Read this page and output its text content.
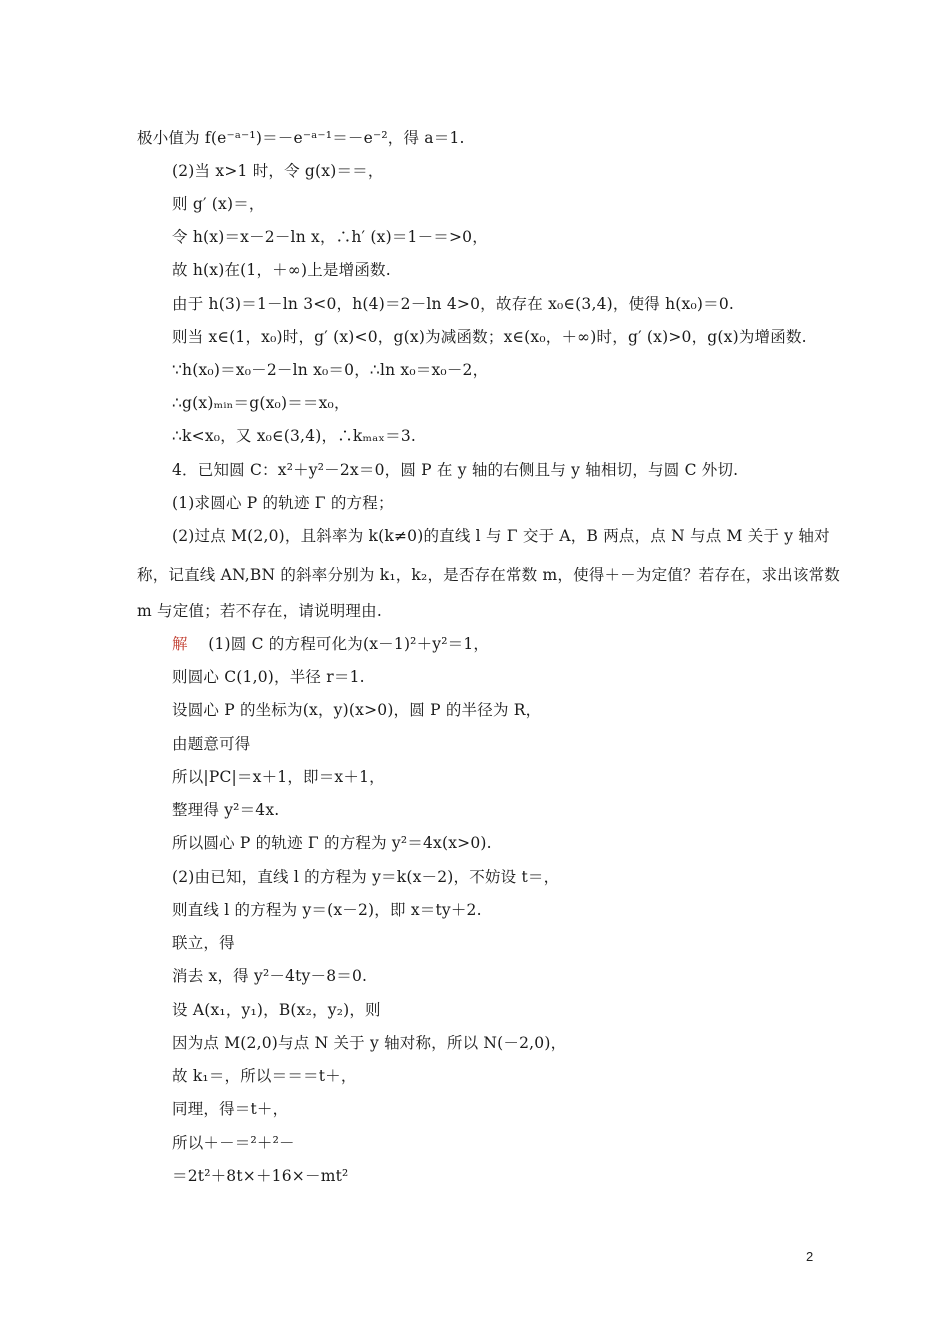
极小值为 f(e⁻ᵃ⁻¹)＝－e⁻ᵃ⁻¹＝－e⁻²，得 a＝1.
(2)当 x>1 时，令 g(x)＝＝，
则 g′ (x)＝，
令 h(x)＝x－2－ln x，∴h′ (x)＝1－＝>0，
故 h(x)在(1，＋∞)上是增函数.
由于 h(3)＝1－ln 3<0，h(4)＝2－ln 4>0，故存在 x₀∈(3,4)，使得 h(x₀)＝0.
则当 x∈(1，x₀)时，g′ (x)<0，g(x)为减函数；x∈(x₀，＋∞)时，g′ (x)>0，g(x)为增函数.
∵h(x₀)＝x₀－2－ln x₀＝0，∴ln x₀＝x₀－2，
∴g(x)ₘᵢₙ＝g(x₀)＝＝x₀，
∴k<x₀，又 x₀∈(3,4)，∴kₘₐₓ＝3.
4．已知圆 C：x²＋y²－2x＝0，圆 P 在 y 轴的右侧且与 y 轴相切，与圆 C 外切.
(1)求圆心 P 的轨迹 Γ 的方程；
(2)过点 M(2,0)，且斜率为 k(k≠0)的直线 l 与 Γ 交于 A，B 两点，点 N 与点 M 关于 y 轴对
称，记直线 AN,BN 的斜率分别为 k₁，k₂，是否存在常数 m，使得＋－为定值？若存在，求出该常数
m 与定值；若不存在，请说明理由.
解 (1)圆 C 的方程可化为(x－1)²＋y²＝1，
则圆心 C(1,0)，半径 r＝1.
设圆心 P 的坐标为(x，y)(x>0)，圆 P 的半径为 R，
由题意可得
所以|PC|＝x＋1，即＝x＋1，
整理得 y²＝4x.
所以圆心 P 的轨迹 Γ 的方程为 y²＝4x(x>0).
(2)由已知，直线 l 的方程为 y＝k(x－2)，不妨设 t＝，
则直线 l 的方程为 y＝(x－2)，即 x＝ty＋2.
联立，得
消去 x，得 y²－4ty－8＝0.
设 A(x₁，y₁)，B(x₂，y₂)，则
因为点 M(2,0)与点 N 关于 y 轴对称，所以 N(－2,0)，
故 k₁＝，所以＝＝＝t＋，
同理，得＝t＋，
所以＋－＝²＋²－
＝2t²＋8t×＋16×－mt²
2
